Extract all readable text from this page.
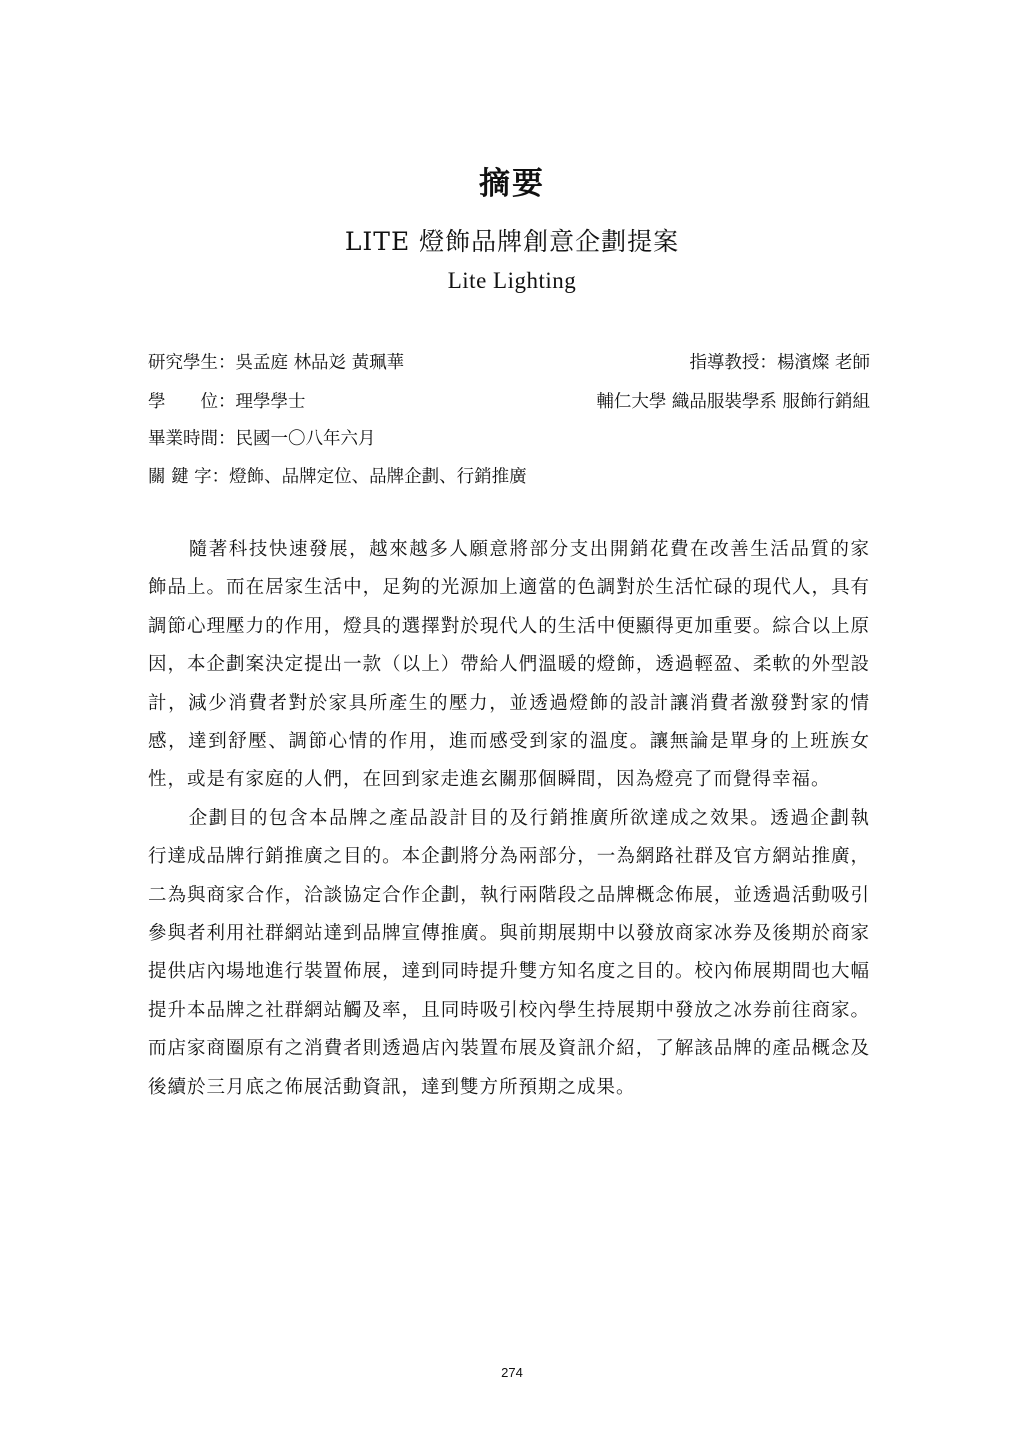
摘要
LITE 燈飾品牌創意企劃提案
Lite Lighting
研究學生：吳孟庭 林品彣 黃珮華	指導教授：楊濱燦 老師
學　　位：理學學士	輔仁大學 織品服裝學系 服飾行銷組
畢業時間：民國一〇八年六月
關 鍵 字：燈飾、品牌定位、品牌企劃、行銷推廣

隨著科技快速發展，越來越多人願意將部分支出開銷花費在改善生活品質的家飾品上。而在居家生活中，足夠的光源加上適當的色調對於生活忙碌的現代人，具有調節心理壓力的作用，燈具的選擇對於現代人的生活中便顯得更加重要。綜合以上原因，本企劃案決定提出一款（以上）帶給人們溫暖的燈飾，透過輕盈、柔軟的外型設計，減少消費者對於家具所產生的壓力，並透過燈飾的設計讓消費者激發對家的情感，達到舒壓、調節心情的作用，進而感受到家的溫度。讓無論是單身的上班族女性，或是有家庭的人們，在回到家走進玄關那個瞬間，因為燈亮了而覺得幸福。

企劃目的包含本品牌之產品設計目的及行銷推廣所欲達成之效果。透過企劃執行達成品牌行銷推廣之目的。本企劃將分為兩部分，一為網路社群及官方網站推廣，二為與商家合作，洽談協定合作企劃，執行兩階段之品牌概念佈展，並透過活動吸引參與者利用社群網站達到品牌宣傳推廣。與前期展期中以發放商家冰券及後期於商家提供店內場地進行裝置佈展，達到同時提升雙方知名度之目的。校內佈展期間也大幅提升本品牌之社群網站觸及率，且同時吸引校內學生持展期中發放之冰券前往商家。而店家商圈原有之消費者則透過店內裝置布展及資訊介紹，了解該品牌的產品概念及後續於三月底之佈展活動資訊，達到雙方所預期之成果。

274
